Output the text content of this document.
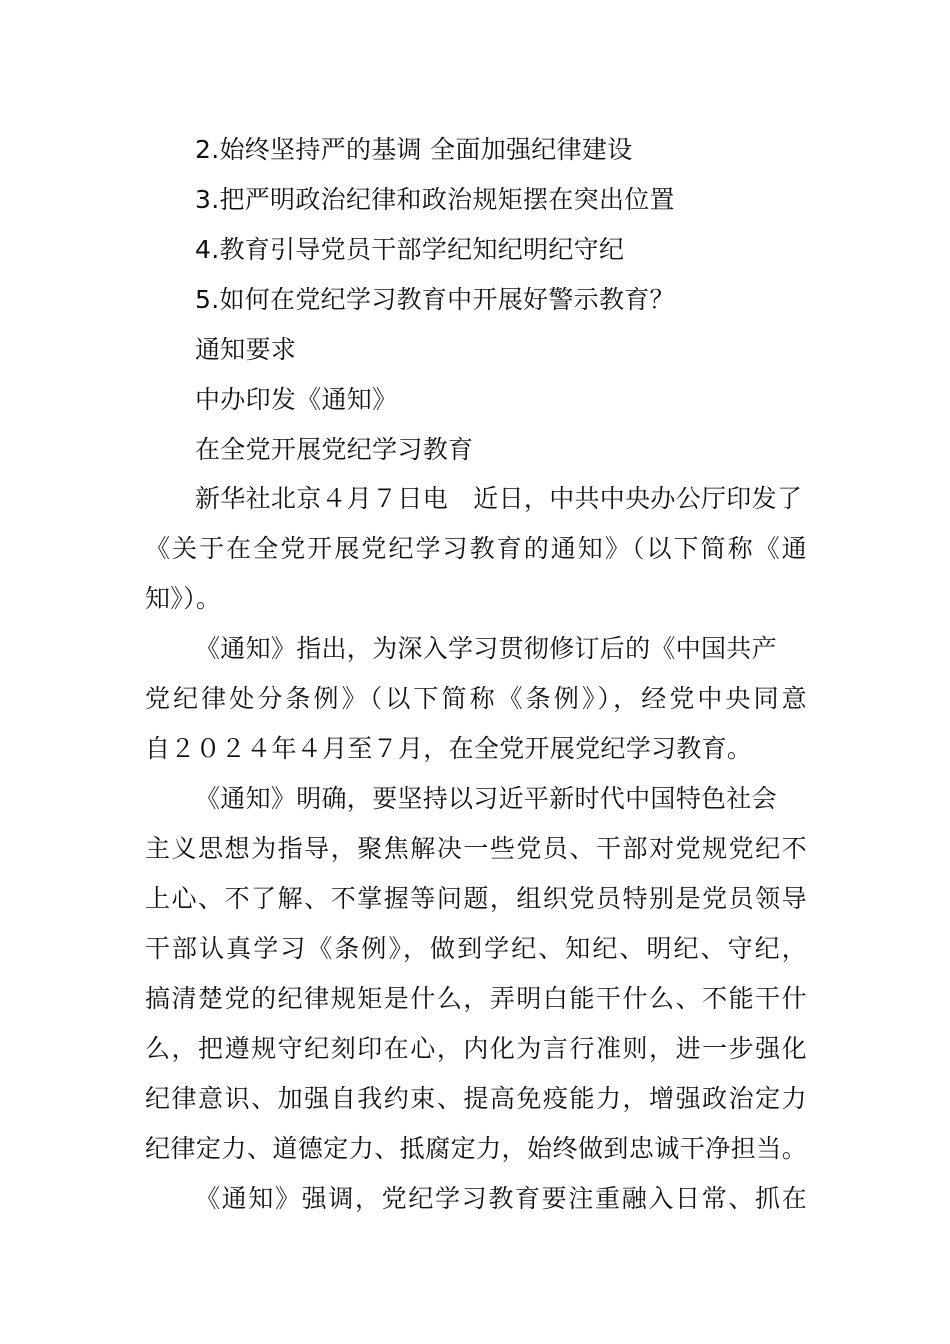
2.始终坚持严的基调 全面加强纪律建设
3.把严明政治纪律和政治规矩摆在突出位置
4.教育引导党员干部学纪知纪明纪守纪
5.如何在党纪学习教育中开展好警示教育？
通知要求
中办印发《通知》
在全党开展党纪学习教育
新华社北京４月７日电　近日，中共中央办公厅印发了
《关于在全党开展党纪学习教育的通知》（以下简称《通
知》）。
《通知》指出，为深入学习贯彻修订后的《中国共产
党纪律处分条例》（以下简称《条例》），经党中央同意
自２０２４年４月至７月，在全党开展党纪学习教育。
《通知》明确，要坚持以习近平新时代中国特色社会
主义思想为指导，聚焦解决一些党员、干部对党规党纪不
上心、不了解、不掌握等问题，组织党员特别是党员领导
干部认真学习《条例》，做到学纪、知纪、明纪、守纪，
搞清楚党的纪律规矩是什么，弄明白能干什么、不能干什
么，把遵规守纪刻印在心，内化为言行准则，进一步强化
纪律意识、加强自我约束、提高免疫能力，增强政治定力
纪律定力、道德定力、抵腐定力，始终做到忠诚干净担当。
《通知》强调，党纪学习教育要注重融入日常、抓在
